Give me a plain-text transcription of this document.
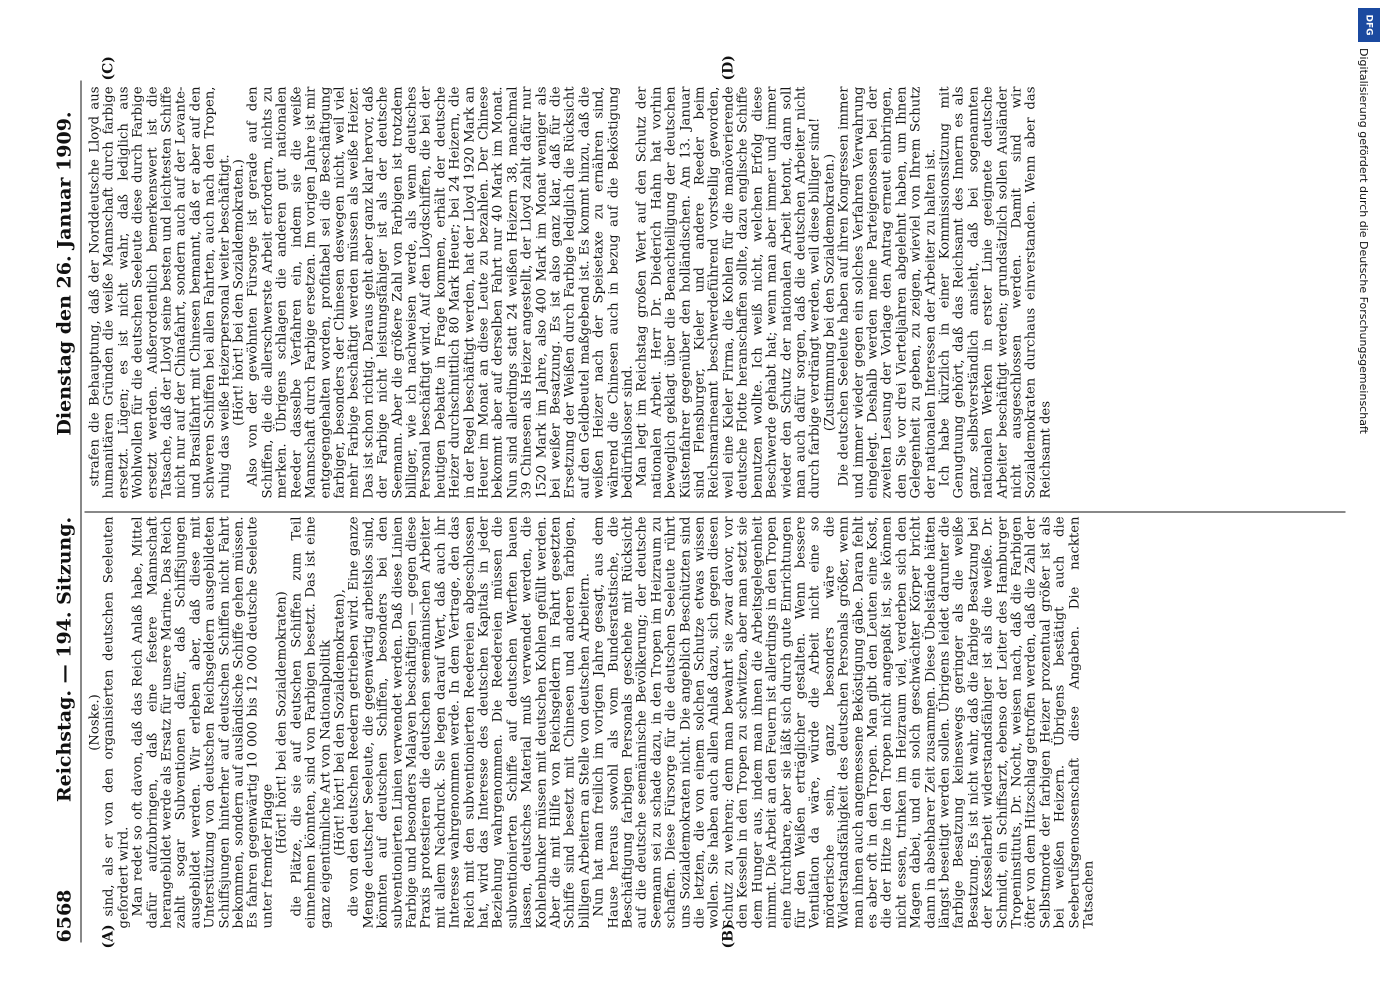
6568
Reichstag. — 194. Sitzung.
Dienstag den 26. Januar 1909.
(A)	(B)
(C)	(D)

(Noske.) sind, als er von den organisierten deutschen Seeleuten gefordert wird. Man redet so oft davon, daß das Reich Anlaß habe, Mittel dafür aufzubringen, daß eine festere Mannschaft herangebildet werde als Ersatz für unsere Marine. Das Reich zahlt sogar Subventionen dafür, daß Schiffsjungen ausgebildet werden. Wir erleben aber, daß diese mit Unterstützung von deutschen Reichsgeldern ausgebildeten Schiffsjungen hinterher auf deutschen Schiffen nicht Fahrt bekommen, sondern auf ausländische Schiffe gehen müssen. Es fahren gegenwärtig 10 000 bis 12 000 deutsche Seeleute unter fremder Flagge

(Hört! hört! bei den Sozialdemokraten) die Plätze, die sie auf deutschen Schiffen zum Teil einnehmen könnten, sind von Farbigen besetzt. Das ist eine ganz eigentümliche Art von Nationalpolitik (Hört! hört! bei den Sozialdemokraten), die von den deutschen Reedern getrieben wird. Eine ganze Menge deutscher Seeleute, die gegenwärtig arbeitslos sind, könnten auf deutschen Schiffen, besonders bei den subventionierten Linien verwendet werden. Daß diese Linien Farbige und besonders Malayen beschäftigen — gegen diese Praxis protestieren die deutschen seemännischen Arbeiter mit allem Nachdruck. Sie legen darauf Wert, daß auch ihr Interesse wahrgenommen werde. In dem Vertrage, den das Reich mit den subventionierten Reedereien abgeschlossen hat, wird das Interesse des deutschen Kapitals in jeder Beziehung wahrgenommen. Die Reedereien müssen die subventionierten Schiffe auf deutschen Werften bauen lassen, deutsches Material muß verwendet werden, die Kohlenbunker müssen mit deutschen Kohlen gefüllt werden. Aber die mit Hilfe von Reichsgeldern in Fahrt gesetzten Schiffe sind besetzt mit Chinesen und anderen farbigen, billigen Arbeitern an Stelle von deutschen Arbeitern. Nun hat man freilich im vorigen Jahre gesagt, aus dem Hause heraus sowohl als vom Bundesratstische, die Beschäftigung farbigen Personals geschehe mit Rücksicht auf die deutsche seemännische Bevölkerung; der deutsche Seemann sei zu schade dazu, in den Tropen im Heizraum zu schaffen. Diese Fürsorge für die deutschen Seeleute rührt uns Sozialdemokraten nicht. Die angeblich Beschützten sind die letzten, die von einem solchen Schutze etwas wissen wollen. Sie haben auch allen Anlaß dazu, sich gegen diesen Schutz zu wehren; denn man bewahrt sie zwar davor, vor den Kesseln in den Tropen zu schwitzen, aber man setzt sie dem Hunger aus, indem man ihnen die Arbeitsgelegenheit nimmt. Die Arbeit an den Feuern ist allerdings in den Tropen eine furchtbare, aber sie läßt sich durch gute Einrichtungen für den Weißen erträglicher gestalten. Wenn bessere Ventilation da wäre, würde die Arbeit nicht eine so mörderische sein, ganz besonders wäre die Widerstandsfähigkeit des deutschen Personals größer, wenn man ihnen auch angemessene Beköstigung gäbe. Daran fehlt es aber oft in den Tropen. Man gibt den Leuten eine Kost, die der Hitze in den Tropen nicht angepaßt ist, sie können nicht essen, trinken im Heizraum viel, verderben sich den Magen dabei, und ein solch geschwächter Körper bricht dann in absehbarer Zeit zusammen. Diese Übelstände hätten längst beseitigt werden sollen. Übrigens leidet darunter die farbige Besatzung keineswegs geringer als die weiße Besatzung. Es ist nicht wahr, daß die farbige Besatzung bei der Kesselarbeit widerstandsfähiger ist als die weiße. Dr. Schmidt, ein Schiffsarzt, ebenso der Leiter des Hamburger Tropeninstituts, Dr. Nocht, weisen nach, daß die Farbigen öfter von dem Hitzschlag getroffen werden, daß die Zahl der Selbstmorde der farbigen Heizer prozentual größer ist als bei weißen Heizern. Übrigens bestätigt auch die Seeberufsgenossenschaft diese Angaben. Die nackten Tatsachen

strafen die Behauptung, daß der Norddeutsche Lloyd aus humanitären Gründen die weiße Mannschaft durch farbige ersetzt. Lügen; es ist nicht wahr, daß lediglich aus Wohlwollen für die deutschen Seeleute diese durch Farbige ersetzt werden. Außerordentlich bemerkenswert ist die Tatsache, daß der Lloyd seine besten und leichtesten Schiffe nicht nur auf der Chinafahrt, sondern auch auf der Levante- und Brasilfahrt mit Chinesen bemannt, daß er aber auf den schweren Schiffen bei allen Fahrten, auch nach den Tropen, ruhig das weiße Heizerpersonal weiter beschäftigt. (Hört! hört! bei den Sozialdemokraten.) Also von der gewöhnten Fürsorge ist gerade auf den Schiffen, die die allerschwerste Arbeit erfordern, nichts zu merken. Übrigens schlagen die anderen gut nationalen Reeder dasselbe Verfahren ein, indem sie die weiße Mannschaft durch Farbige ersetzen. Im vorigen Jahre ist mir entgegengehalten worden, profitabel sei die Beschäftigung farbiger, besonders der Chinesen deswegen nicht, weil viel mehr Farbige beschäftigt werden müssen als weiße Heizer. Das ist schon richtig. Daraus geht aber ganz klar hervor, daß der Farbige nicht leistungsfähiger ist als der deutsche Seemann. Aber die größere Zahl von Farbigen ist trotzdem billiger, wie ich nachweisen werde, als wenn deutsches Personal beschäftigt wird. Auf den Lloydschiffen, die bei der heutigen Debatte in Frage kommen, erhält der deutsche Heizer durchschnittlich 80 Mark Heuer; bei 24 Heizern, die in der Regel beschäftigt werden, hat der Lloyd 1920 Mark an Heuer im Monat an diese Leute zu bezahlen. Der Chinese bekommt aber auf derselben Fahrt nur 40 Mark im Monat. Nun sind allerdings statt 24 weißen Heizern 38, manchmal 39 Chinesen als Heizer angestellt, der Lloyd zahlt dafür nur 1520 Mark im Jahre, also 400 Mark im Monat weniger als bei weißer Besatzung. Es ist also ganz klar, daß für die Ersetzung der Weißen durch Farbige lediglich die Rücksicht auf den Geldbeutel maßgebend ist. Es kommt hinzu, daß die weißen Heizer nach der Speisetaxe zu ernähren sind, während die Chinesen auch in bezug auf die Beköstigung bedürfnisloser sind. Man legt im Reichstag großen Wert auf den Schutz der nationalen Arbeit. Herr Dr. Diederich Hahn hat vorhin beweglich geklagt über die Benachteiligung der deutschen Küstenfahrer gegenüber den holländischen. Am 13. Januar sind Flensburger, Kieler und andere Reeder beim Reichsmarineamt beschwerdeführend vorstellig geworden, weil eine Kieler Firma, die Kohlen für die manöverierende deutsche Flotte heranschaffen sollte, dazu englische Schiffe benutzen wollte. Ich weiß nicht, welchen Erfolg diese Beschwerde gehabt hat; wenn man aber immer und immer wieder den Schutz der nationalen Arbeit betont, dann soll man auch dafür sorgen, daß die deutschen Arbeiter nicht durch farbige verdrängt werden, weil diese billiger sind! (Zustimmung bei den Sozialdemokraten.) Die deutschen Seeleute haben auf ihren Kongressen immer und immer wieder gegen ein solches Verfahren Verwahrung eingelegt. Deshalb werden meine Parteigenossen bei der zweiten Lesung der Vorlage den Antrag erneut einbringen, den Sie vor drei Vierteljahren abgelehnt haben, um Ihnen Gelegenheit zu geben, zu zeigen, wieviel von Ihrem Schutz der nationalen Interessen der Arbeiter zu halten ist. Ich habe kürzlich in einer Kommissionssitzung mit Genugtuung gehört, daß das Reichsamt des Innern es als ganz selbstverständlich ansieht, daß bei sogenannten nationalen Werken in erster Linie geeignete deutsche Arbeiter beschäftigt werden; grundsätzlich sollen Ausländer nicht ausgeschlossen werden. Damit sind wir Sozialdemokraten durchaus einverstanden. Wenn aber das Reichsamt des

DFG
Digitalisierung gefördert durch die Deutsche Forschungsgemeinschaft
